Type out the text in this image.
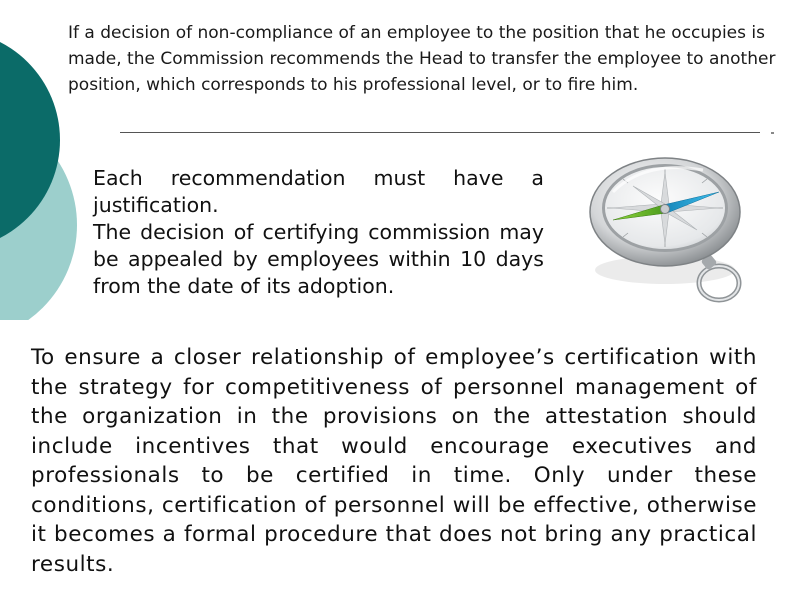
If a decision of non-compliance of an employee to the position that he occupies is made, the Commission recommends the Head to transfer the employee to another position, which corresponds to his professional level, or to fire him.

Each recommendation must have a justification.

The decision of certifying commission may be appealed by employees within 10 days from the date of its adoption.

To ensure a closer relationship of employee’s certification with the strategy for competitiveness of personnel management of the organization in the provisions on the attestation should include incentives that would encourage executives and professionals to be certified in time. Only under these conditions, certification of personnel will be effective, otherwise it becomes a formal procedure that does not bring any practical results.
